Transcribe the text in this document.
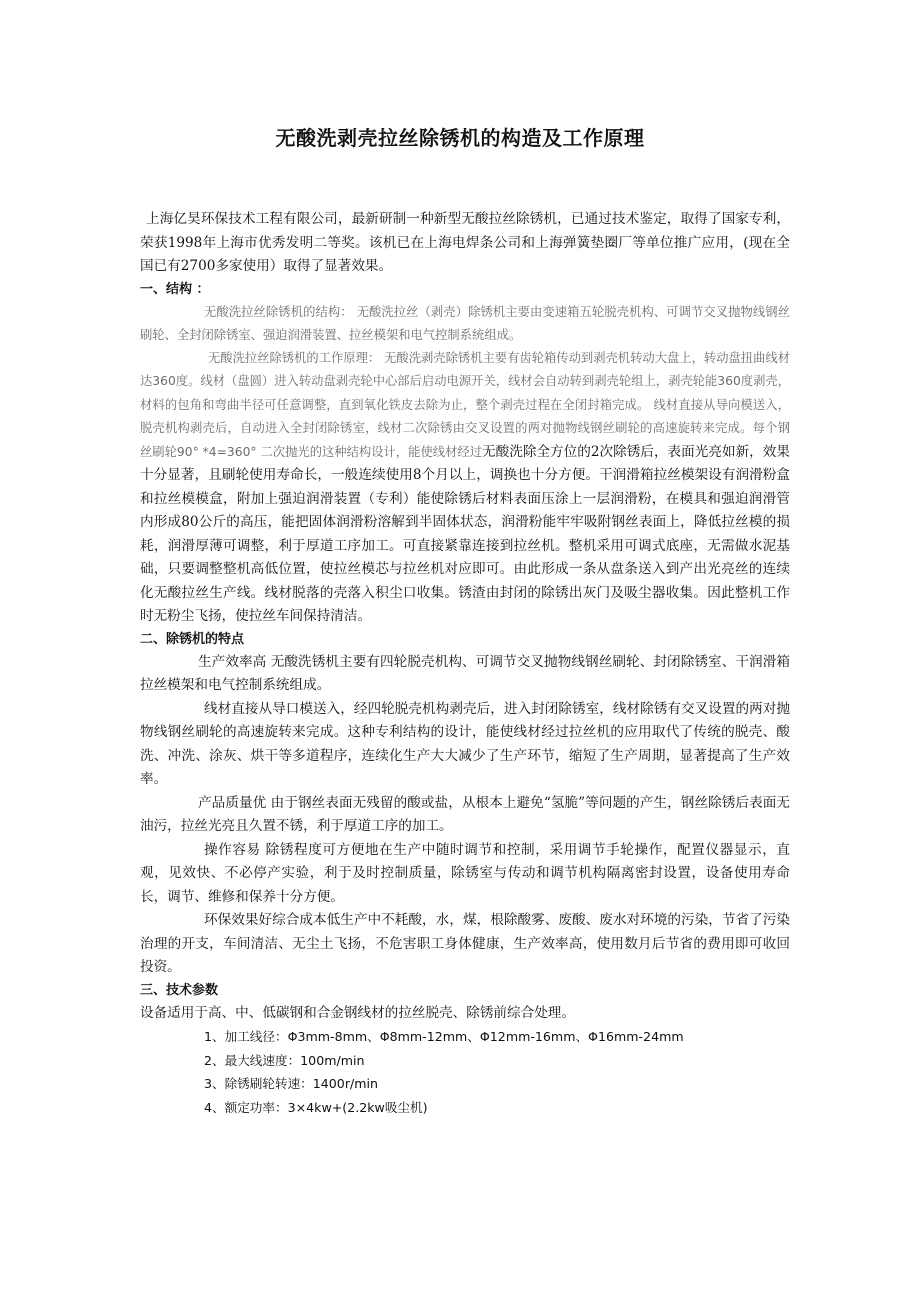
无酸洗剥壳拉丝除锈机的构造及工作原理

上海亿昊环保技术工程有限公司，最新研制一种新型无酸拉丝除锈机，已通过技术鉴定，取得了国家专利，荣获1998年上海市优秀发明二等奖。该机已在上海电焊条公司和上海弹簧垫圈厂等单位推广应用，(现在全国已有2700多家使用）取得了显著效果。

一、结构 ：

无酸洗拉丝除锈机的结构： 无酸洗拉丝（剥壳）除锈机主要由变速箱五轮脱壳机构、可调节交叉抛物线钢丝刷轮、全封闭除锈室、强迫润滑装置、拉丝模架和电气控制系统组成。

无酸洗拉丝除锈机的工作原理： 无酸洗剥壳除锈机主要有齿轮箱传动到剥壳机转动大盘上，转动盘扭曲线材达360度。线材（盘圆）进入转动盘剥壳轮中心部后启动电源开关，线材会自动转到剥壳轮组上，剥壳轮能360度剥壳，材料的包角和弯曲半径可任意调整，直到氧化铁皮去除为止，整个剥壳过程在全闭封箱完成。 线材直接从导向模送入，脱壳机构剥壳后，自动进入全封闭除锈室，线材二次除锈由交叉设置的两对抛物线钢丝刷轮的高速旋转来完成。每个钢丝刷轮90° *4=360° 二次抛光的这种结构设计，能使线材经过无酸洗除全方位的2次除锈后，表面光亮如新，效果十分显著，且刷轮使用寿命长，一般连续使用8个月以上，调换也十分方便。干润滑箱拉丝模架设有润滑粉盒和拉丝模模盒，附加上强迫润滑装置（专利）能使除锈后材料表面压涂上一层润滑粉，在模具和强迫润滑管内形成80公斤的高压，能把固体润滑粉溶解到半固体状态，润滑粉能牢牢吸附钢丝表面上，降低拉丝模的损耗，润滑厚薄可调整，利于厚道工序加工。可直接紧靠连接到拉丝机。整机采用可调式底座，无需做水泥基础，只要调整整机高低位置，使拉丝模芯与拉丝机对应即可。由此形成一条从盘条送入到产出光亮丝的连续化无酸拉丝生产线。线材脱落的壳落入积尘口收集。锈渣由封闭的除锈出灰门及吸尘器收集。因此整机工作时无粉尘飞扬，使拉丝车间保持清洁。

二、除锈机的特点

生产效率高 无酸洗锈机主要有四轮脱壳机构、可调节交叉抛物线钢丝刷轮、封闭除锈室、干润滑箱拉丝模架和电气控制系统组成。

线材直接从导口模送入，经四轮脱壳机构剥壳后，进入封闭除锈室，线材除锈有交叉设置的两对抛物线钢丝刷轮的高速旋转来完成。这种专利结构的设计，能使线材经过拉丝机的应用取代了传统的脱壳、酸洗、冲洗、涂灰、烘干等多道程序，连续化生产大大减少了生产环节，缩短了生产周期，显著提高了生产效率。

产品质量优 由于钢丝表面无残留的酸或盐，从根本上避免“氢脆”等问题的产生，钢丝除锈后表面无油污，拉丝光亮且久置不锈，利于厚道工序的加工。

操作容易 除锈程度可方便地在生产中随时调节和控制，采用调节手轮操作，配置仪器显示，直观，见效快、不必停产实验，利于及时控制质量，除锈室与传动和调节机构隔离密封设置，设备使用寿命长，调节、维修和保养十分方便。

环保效果好综合成本低生产中不耗酸，水，煤，根除酸雾、废酸、废水对环境的污染，节省了污染治理的开支，车间清洁、无尘土飞扬，不危害职工身体健康，生产效率高，使用数月后节省的费用即可收回投资。

三、技术参数

设备适用于高、中、低碳钢和合金钢线材的拉丝脱壳、除锈前综合处理。

1、加工线径：Φ3mm-8mm、Φ8mm-12mm、Φ12mm-16mm、Φ16mm-24mm
2、最大线速度：100m/min
3、除锈刷轮转速：1400r/min
4、额定功率：3×4kw+(2.2kw吸尘机)
